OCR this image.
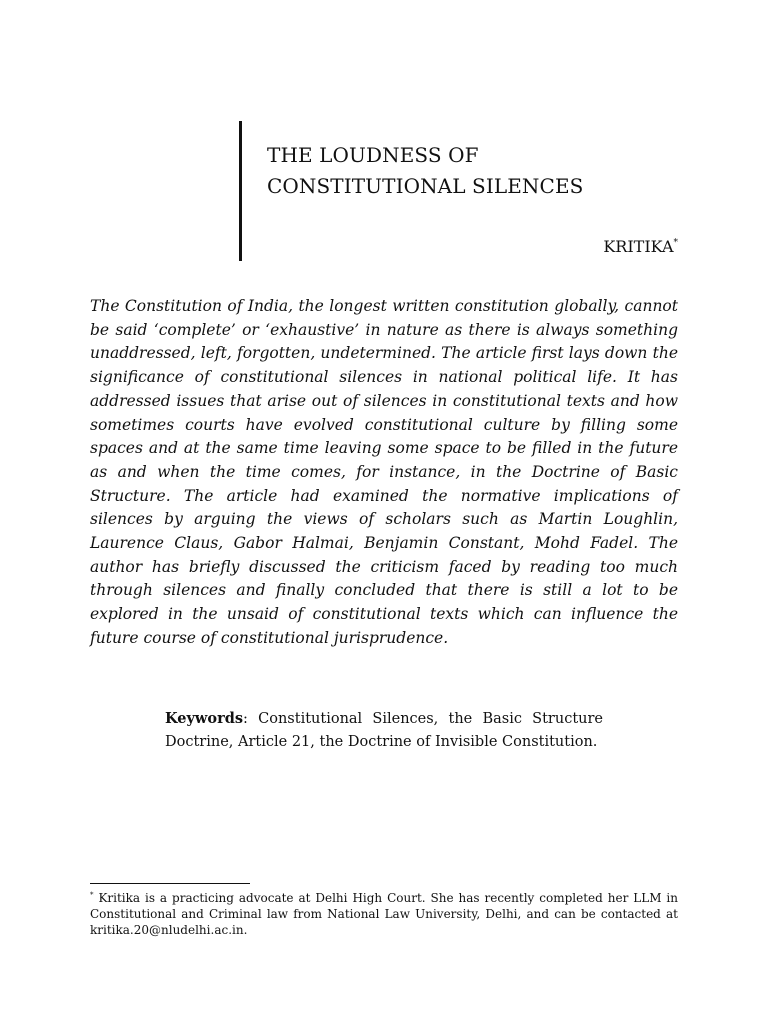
THE LOUDNESS OF
CONSTITUTIONAL SILENCES
KRITIKA*

The Constitution of India, the longest written constitution globally, cannot be said ‘complete’ or ‘exhaustive’ in nature as there is always something unaddressed, left, forgotten, undetermined. The article first lays down the significance of constitutional silences in national political life. It has addressed issues that arise out of silences in constitutional texts and how sometimes courts have evolved constitutional culture by filling some spaces and at the same time leaving some space to be filled in the future as and when the time comes, for instance, in the Doctrine of Basic Structure. The article had examined the normative implications of silences by arguing the views of scholars such as Martin Loughlin, Laurence Claus, Gabor Halmai, Benjamin Constant, Mohd Fadel. The author has briefly discussed the criticism faced by reading too much through silences and finally concluded that there is still a lot to be explored in the unsaid of constitutional texts which can influence the future course of constitutional jurisprudence.

Keywords: Constitutional Silences, the Basic Structure Doctrine, Article 21, the Doctrine of Invisible Constitution.

* Kritika is a practicing advocate at Delhi High Court. She has recently completed her LLM in Constitutional and Criminal law from National Law University, Delhi, and can be contacted at kritika.20@nludelhi.ac.in.
